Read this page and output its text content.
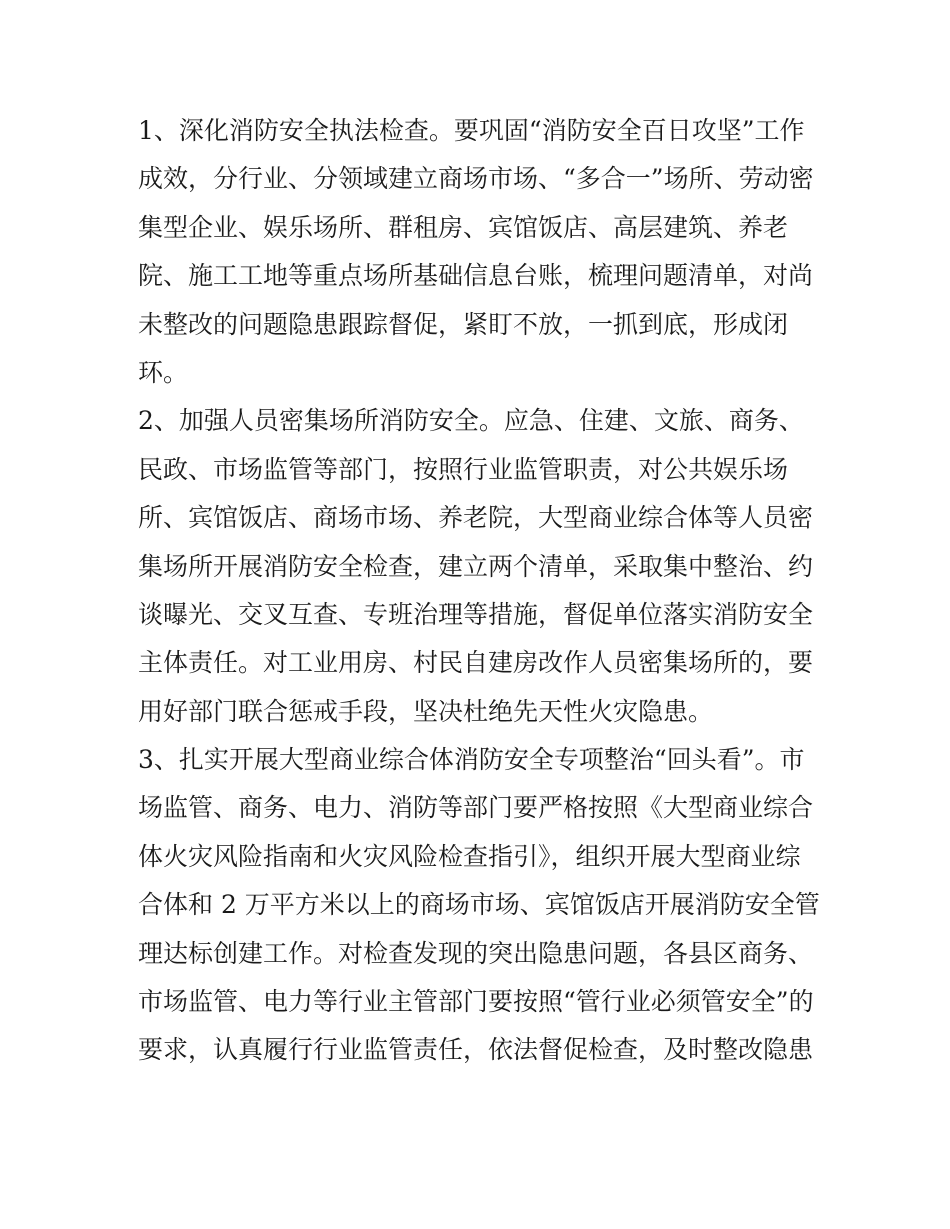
1、深化消防安全执法检查。要巩固“消防安全百日攻坚”工作
成效，分行业、分领域建立商场市场、“多合一”场所、劳动密
集型企业、娱乐场所、群租房、宾馆饭店、高层建筑、养老
院、施工工地等重点场所基础信息台账，梳理问题清单，对尚
未整改的问题隐患跟踪督促，紧盯不放，一抓到底，形成闭
环。

2、加强人员密集场所消防安全。应急、住建、文旅、商务、
民政、市场监管等部门，按照行业监管职责，对公共娱乐场
所、宾馆饭店、商场市场、养老院，大型商业综合体等人员密
集场所开展消防安全检查，建立两个清单，采取集中整治、约
谈曝光、交叉互查、专班治理等措施，督促单位落实消防安全
主体责任。对工业用房、村民自建房改作人员密集场所的，要
用好部门联合惩戒手段，坚决杜绝先天性火灾隐患。

3、扎实开展大型商业综合体消防安全专项整治“回头看”。市
场监管、商务、电力、消防等部门要严格按照《大型商业综合
体火灾风险指南和火灾风险检查指引》，组织开展大型商业综
合体和 2 万平方米以上的商场市场、宾馆饭店开展消防安全管
理达标创建工作。对检查发现的突出隐患问题，各县区商务、
市场监管、电力等行业主管部门要按照“管行业必须管安全”的
要求，认真履行行业监管责任，依法督促检查，及时整改隐患
